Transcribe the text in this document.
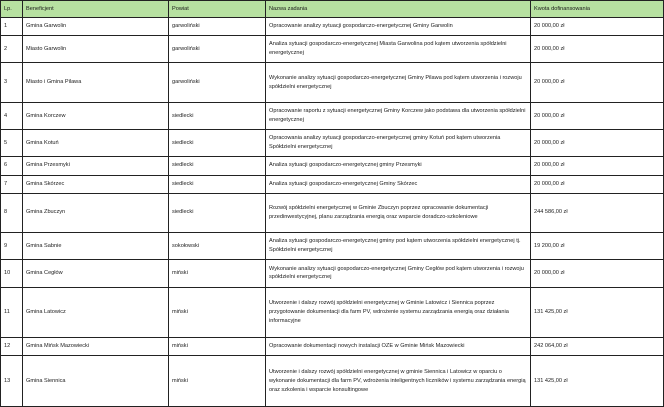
Lp.	Beneficjent	Powiat	Nazwa zadania	Kwota dofinansowania
1	Gmina Garwolin	garwoliński	Opracowanie analizy sytuacji gospodarczo-energetycznej Gminy Garwolin	20 000,00 zł
2	Miasto Garwolin	garwoliński	Analiza sytuacji gospodarczo-energetycznej Miasta Garwolina pod kątem utworzenia spółdzielni energetycznej	20 000,00 zł
3	Miasto i Gmina Pilawa	garwoliński	Wykonanie analizy sytuacji gospodarczo-energetycznej Gminy Pilawa pod kątem utworzenia i rozwoju spółdzielni energetycznej	20 000,00 zł
4	Gmina Korczew	siedlecki	Opracowanie raportu z sytuacji energetycznej Gminy Korczew jako podstawa dla utworzenia spółdzielni energetycznej	20 000,00 zł
5	Gmina Kotuń	siedlecki	Opracowania analizy sytuacji gospodarczo-energetycznej gminy Kotuń pod kątem utworzenia Spółdzielni energetycznej	20 000,00 zł
6	Gmina Przesmyki	siedlecki	Analiza sytuacji gospodarczo-energetycznej gminy Przesmyki	20 000,00 zł
7	Gmina Skórzec	siedlecki	Analiza sytuacji gospodarczo-energetycznej Gminy Skórzec	20 000,00 zł
8	Gmina Zbuczyn	siedlecki	Rozwój spółdzielni energetycznej w Gminie Zbuczyn poprzez opracowanie dokumentacji przedinwestycyjnej, planu zarządzania energią oraz wsparcie doradczo-szkoleniowe	244 586,00 zł
9	Gmina Sabnie	sokołowski	Analiza sytuacji gospodarczo-energetycznej gminy pod kątem utworzenia spółdzielni energetycznej tj. Spółdzielni energetycznej	19 200,00 zł
10	Gmina Cegłów	miński	Wykonanie analizy sytuacji gospodarczo-energetycznej Gminy Cegłów pod kątem utworzenia i rozwoju spółdzielni energetycznej	20 000,00 zł
11	Gmina Latowicz	miński	Utworzenie i dalszy rozwój spółdzielni energetycznej w Gminie Latowicz i Siennica poprzez przygotowanie dokumentacji dla farm PV, wdrożenie systemu zarządzania energią oraz działania informacyjne	131 425,00 zł
12	Gmina Mińsk Mazowiecki	miński	Opracowanie dokumentacji nowych instalacji OZE w Gminie Mińsk Mazowiecki	242 064,00 zł
13	Gmina Siennica	miński	Utworzenie i dalszy rozwój spółdzielni energetycznej w gminie Siennica i Latowicz w oparciu o wykonanie dokumentacji dla farm PV, wdrożenia inteligentnych liczników i systemu zarządzania energią oraz szkolenia i wsparcie konsultingowe	131 425,00 zł
